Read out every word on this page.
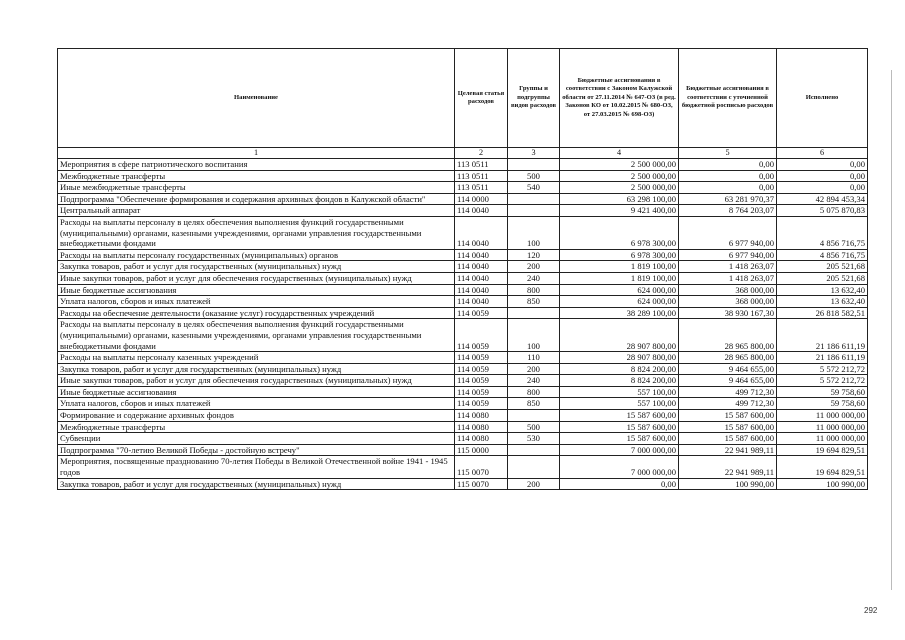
Наименование	Целевая статья расходов	Группы и подгруппы видов расходов	Бюджетные ассигнования в соответствии с Законом Калужской области от 27.11.2014 № 647-ОЗ (в ред. Законов КО от 10.02.2015 № 680-ОЗ, от 27.03.2015 № 698-ОЗ)	Бюджетные ассигнования в соответствии с уточненной бюджетной росписью расходов	Исполнено
1	2	3	4	5	6
Мероприятия в сфере патриотического воспитания	113 0511		2 500 000,00	0,00	0,00
Межбюджетные трансферты	113 0511	500	2 500 000,00	0,00	0,00
Иные межбюджетные трансферты	113 0511	540	2 500 000,00	0,00	0,00
Подпрограмма "Обеспечение формирования и содержания архивных фондов в Калужской области"	114 0000		63 298 100,00	63 281 970,37	42 894 453,34
Центральный аппарат	114 0040		9 421 400,00	8 764 203,07	5 075 870,83
Расходы на выплаты персоналу в целях обеспечения выполнения функций государственными (муниципальными) органами, казенными учреждениями, органами управления государственными внебюджетными фондами	114 0040	100	6 978 300,00	6 977 940,00	4 856 716,75
Расходы на выплаты персоналу государственных (муниципальных) органов	114 0040	120	6 978 300,00	6 977 940,00	4 856 716,75
Закупка товаров, работ и услуг для государственных (муниципальных) нужд	114 0040	200	1 819 100,00	1 418 263,07	205 521,68
Иные закупки товаров, работ и услуг для обеспечения государственных (муниципальных) нужд	114 0040	240	1 819 100,00	1 418 263,07	205 521,68
Иные бюджетные ассигнования	114 0040	800	624 000,00	368 000,00	13 632,40
Уплата налогов, сборов и иных платежей	114 0040	850	624 000,00	368 000,00	13 632,40
Расходы на обеспечение деятельности (оказание услуг) государственных учреждений	114 0059		38 289 100,00	38 930 167,30	26 818 582,51
Расходы на выплаты персоналу в целях обеспечения выполнения функций государственными (муниципальными) органами, казенными учреждениями, органами управления государственными внебюджетными фондами	114 0059	100	28 907 800,00	28 965 800,00	21 186 611,19
Расходы на выплаты персоналу казенных учреждений	114 0059	110	28 907 800,00	28 965 800,00	21 186 611,19
Закупка товаров, работ и услуг для государственных (муниципальных) нужд	114 0059	200	8 824 200,00	9 464 655,00	5 572 212,72
Иные закупки товаров, работ и услуг для обеспечения государственных (муниципальных) нужд	114 0059	240	8 824 200,00	9 464 655,00	5 572 212,72
Иные бюджетные ассигнования	114 0059	800	557 100,00	499 712,30	59 758,60
Уплата налогов, сборов и иных платежей	114 0059	850	557 100,00	499 712,30	59 758,60
Формирование и содержание архивных фондов	114 0080		15 587 600,00	15 587 600,00	11 000 000,00
Межбюджетные трансферты	114 0080	500	15 587 600,00	15 587 600,00	11 000 000,00
Субвенции	114 0080	530	15 587 600,00	15 587 600,00	11 000 000,00
Подпрограмма "70-летию Великой Победы - достойную встречу"	115 0000		7 000 000,00	22 941 989,11	19 694 829,51
Мероприятия, посвященные празднованию 70-летия Победы в Великой Отечественной войне 1941 - 1945 годов	115 0070		7 000 000,00	22 941 989,11	19 694 829,51
Закупка товаров, работ и услуг для государственных (муниципальных) нужд	115 0070	200	0,00	100 990,00	100 990,00
292
